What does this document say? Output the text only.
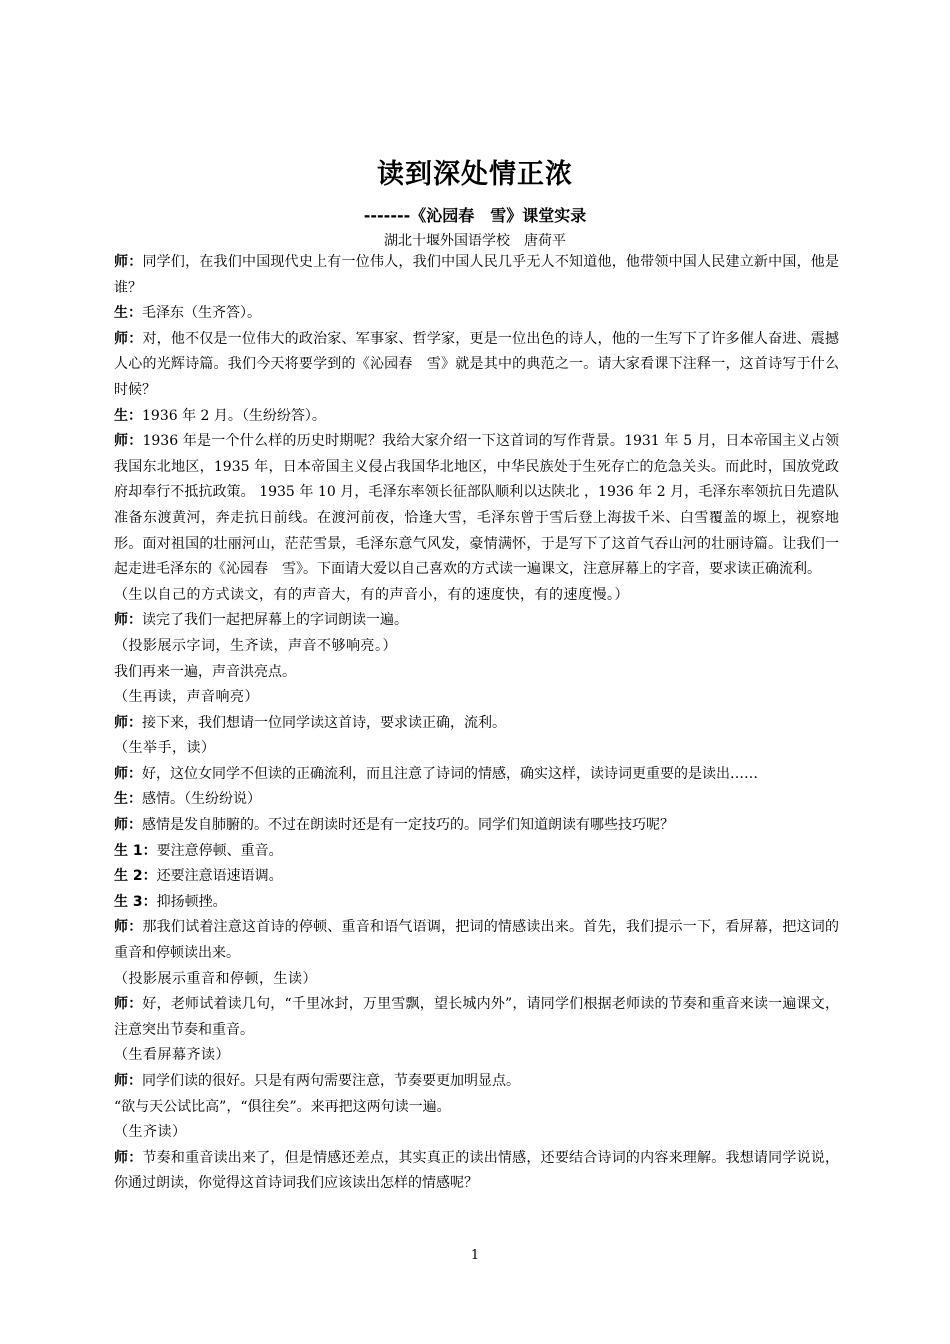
读到深处情正浓
-------《沁园春　雪》课堂实录
湖北十堰外国语学校　唐荷平

师：同学们，在我们中国现代史上有一位伟人，我们中国人民几乎无人不知道他，他带领中国人民建立新中国，他是谁？

生：毛泽东（生齐答）。

师：对，他不仅是一位伟大的政治家、军事家、哲学家，更是一位出色的诗人，他的一生写下了许多催人奋进、震撼人心的光辉诗篇。我们今天将要学到的《沁园春　雪》就是其中的典范之一。请大家看课下注释一，这首诗写于什么时候？

生：1936 年 2 月。（生纷纷答）。

师：1936 年是一个什么样的历史时期呢？我给大家介绍一下这首词的写作背景。1931 年 5 月，日本帝国主义占领我国东北地区，1935 年，日本帝国主义侵占我国华北地区，中华民族处于生死存亡的危急关头。而此时，国放党政府却奉行不抵抗政策。 1935 年 10 月，毛泽东率领长征部队顺利以达陕北 ，1936 年 2 月，毛泽东率领抗日先遣队准备东渡黄河，奔走抗日前线。在渡河前夜，恰逢大雪，毛泽东曾于雪后登上海拔千米、白雪覆盖的塬上，视察地形。面对祖国的壮丽河山，茫茫雪景，毛泽东意气风发，豪情满怀，于是写下了这首气吞山河的壮丽诗篇。让我们一起走进毛泽东的《沁园春　雪》。下面请大爱以自己喜欢的方式读一遍课文，注意屏幕上的字音，要求读正确流利。

（生以自己的方式读文，有的声音大，有的声音小，有的速度快，有的速度慢。）

师：读完了我们一起把屏幕上的字词朗读一遍。

（投影展示字词，生齐读，声音不够响亮。）

我们再来一遍，声音洪亮点。

（生再读，声音响亮）

师：接下来，我们想请一位同学读这首诗，要求读正确，流利。

（生举手，读）

师：好，这位女同学不但读的正确流利，而且注意了诗词的情感，确实这样，读诗词更重要的是读出……

生：感情。（生纷纷说）

师：感情是发自肺腑的。不过在朗读时还是有一定技巧的。同学们知道朗读有哪些技巧呢？

生 1：要注意停顿、重音。

生 2：还要注意语速语调。

生 3：抑扬顿挫。

师：那我们试着注意这首诗的停顿、重音和语气语调，把词的情感读出来。首先，我们提示一下，看屏幕，把这词的重音和停顿读出来。

（投影展示重音和停顿，生读）

师：好，老师试着读几句，“千里冰封，万里雪飘，望长城内外”，请同学们根据老师读的节奏和重音来读一遍课文，注意突出节奏和重音。

（生看屏幕齐读）

师：同学们读的很好。只是有两句需要注意，节奏要更加明显点。

“欲与天公试比高”，“俱往矣”。来再把这两句读一遍。

（生齐读）

师：节奏和重音读出来了，但是情感还差点，其实真正的读出情感，还要结合诗词的内容来理解。我想请同学说说，你通过朗读，你觉得这首诗词我们应该读出怎样的情感呢？

1
